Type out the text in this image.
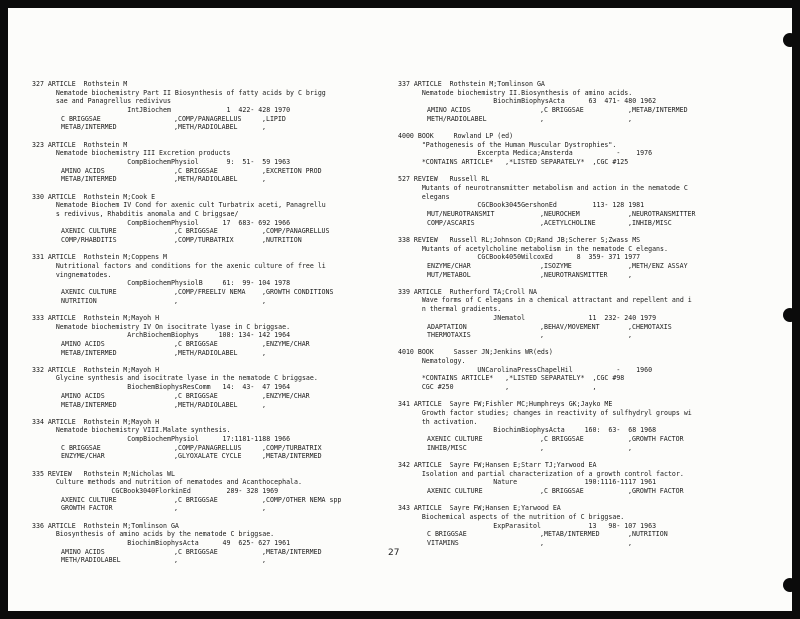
327 ARTICLE  Rothstein M
Nematode biochemistry Part II Biosynthesis of fatty acids by C brigg
sae and Panagrellus redivivus
IntJBiochem              1  422- 428 1970
C BRIGGSAE	,COMP/PANAGRELLUS	,LIPID
METAB/INTERMED	,METH/RADIOLABEL	,
323 ARTICLE  Rothstein M
Nematode biochemistry III Excretion products
CompBiochemPhysiol       9:  51-  59 1963
AMINO ACIDS	,C BRIGGSAE	,EXCRETION PROD
METAB/INTERMED	,METH/RADIOLABEL	,
330 ARTICLE  Rothstein M;Cook E
Nematode Biochem IV Cond for axenic cult Turbatrix aceti, Panagrellu
s redivivus, Rhabditis anomala and C briggsae/
CompBiochemPhysiol      17  683- 692 1966
AXENIC CULTURE	,C BRIGGSAE	,COMP/PANAGRELLUS
COMP/RHABDITIS	,COMP/TURBATRIX	,NUTRITION
331 ARTICLE  Rothstein M;Coppens M
Nutritional factors and conditions for the axenic culture of free li
vingnematodes.
CompBiochemPhysiolB     61:  99- 104 1978
AXENIC CULTURE	,COMP/FREELIV NEMA	,GROWTH CONDITIONS
NUTRITION	,	,
333 ARTICLE  Rothstein M;Mayoh H
Nematode biochemistry IV On isocitrate lyase in C briggsae.
ArchBiochemBiophys     108: 134- 142 1964
AMINO ACIDS	,C BRIGGSAE	,ENZYME/CHAR
METAB/INTERMED	,METH/RADIOLABEL	,
332 ARTICLE  Rothstein M;Mayoh H
Glycine synthesis and isocitrate lyase in the nematode C briggsae.
BiochemBiophysResComm   14:  43-  47 1964
AMINO ACIDS	,C BRIGGSAE	,ENZYME/CHAR
METAB/INTERMED	,METH/RADIOLABEL	,
334 ARTICLE  Rothstein M;Mayoh H
Nematode biochemistry VIII.Malate synthesis.
CompBiochemPhysiol      17:1181-1188 1966
C BRIGGSAE	,COMP/PANAGRELLUS	,COMP/TURBATRIX
ENZYME/CHAR	,GLYOXALATE CYCLE	,METAB/INTERMED
335 REVIEW   Rothstein M;Nicholas WL
Culture methods and nutrition of nematodes and Acanthocephala.
CGCBook3040FlorkinEd         289- 328 1969
AXENIC CULTURE	,C BRIGGSAE	,COMP/OTHER NEMA spp
GROWTH FACTOR	,	,
336 ARTICLE  Rothstein M;Tomlinson GA
Biosynthesis of amino acids by the nematode C briggsae.
BiochimBiophysActa      49  625- 627 1961
AMINO ACIDS	,C BRIGGSAE	,METAB/INTERMED
METH/RADIOLABEL	,	,
337 ARTICLE  Rothstein M;Tomlinson GA
Nematode biochemistry II.Biosynthesis of amino acids.
BiochimBiophysActa      63  471- 480 1962
AMINO ACIDS	,C BRIGGSAE	,METAB/INTERMED
METH/RADIOLABEL	,	,
4000 BOOK     Rowland LP (ed)
"Pathogenesis of the Human Muscular Dystrophies".
Excerpta Medica;Amsterda           -    1976
*CONTAINS ARTICLE*   ,*LISTED SEPARATELY*  ,CGC #125
527 REVIEW   Russell RL
Mutants of neurotransmitter metabolism and action in the nematode C
elegans
CGCBook3045GershonEd         113- 128 1981
MUT/NEUROTRANSMIT	,NEUROCHEM	,NEUROTRANSMITTER
COMP/ASCARIS	,ACETYLCHOLINE	,INHIB/MISC
338 REVIEW   Russell RL;Johnson CD;Rand JB;Scherer S;Zwass MS
Mutants of acetylcholine metabolism in the nematode C elegans.
CGCBook4050WilcoxEd      8  359- 371 1977
ENZYME/CHAR	,ISOZYME	,METH/ENZ ASSAY
MUT/METABOL	,NEUROTRANSMITTER	,
339 ARTICLE  Rutherford TA;Croll NA
Wave forms of C elegans in a chemical attractant and repellent and i
n thermal gradients.
JNematol                11  232- 240 1979
ADAPTATION	,BEHAV/MOVEMENT	,CHEMOTAXIS
THERMOTAXIS	,	,
4010 BOOK     Sasser JN;Jenkins WR(eds)
Nematology.
UNCarolinaPressChapelHil           -    1960
*CONTAINS ARTICLE*   ,*LISTED SEPARATELY*  ,CGC #98
CGC #250             ,                     ,
341 ARTICLE  Sayre FW;Fishler MC;Humphreys GK;Jayko ME
Growth factor studies; changes in reactivity of sulfhydryl groups wi
th activation.
BiochimBiophysActa     160:  63-  68 1968
AXENIC CULTURE	,C BRIGGSAE	,GROWTH FACTOR
INHIB/MISC	,	,
342 ARTICLE  Sayre FW;Hansen E;Starr TJ;Yarwood EA
Isolation and partial characterization of a growth control factor.
Nature                 190:1116-1117 1961
AXENIC CULTURE	,C BRIGGSAE	,GROWTH FACTOR
343 ARTICLE  Sayre FW;Hansen E;Yarwood EA
Biochemical aspects of the nutrition of C briggsae.
ExpParasitol            13   98- 107 1963
C BRIGGSAE	,METAB/INTERMED	,NUTRITION
VITAMINS	,	,
27
